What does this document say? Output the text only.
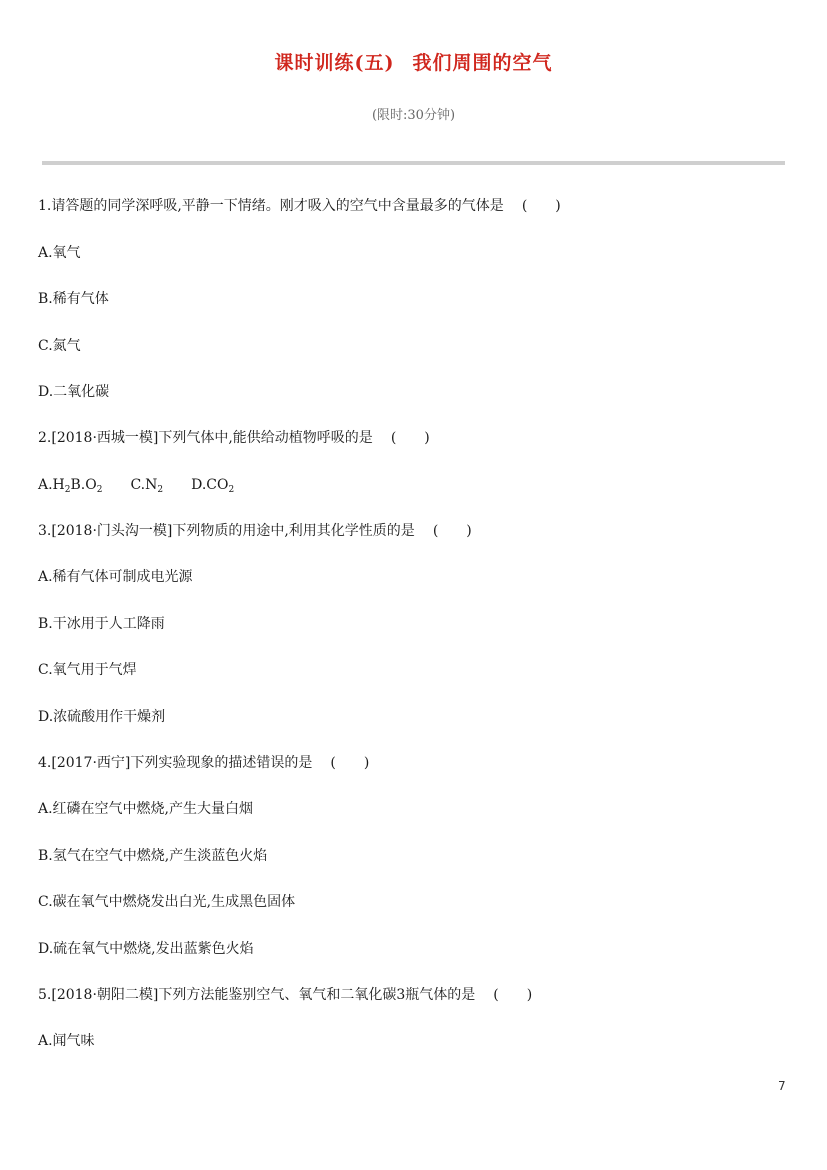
课时训练(五) 我们周围的空气
(限时:30分钟)
1.请答题的同学深呼吸,平静一下情绪。刚才吸入的空气中含量最多的气体是 (　　)
A.氧气
B.稀有气体
C.氮气
D.二氧化碳
2.[2018·西城一模]下列气体中,能供给动植物呼吸的是 (　　)
$A.H_2B.O_2$ $C.N_2$ $D.CO_2$
3.[2018·门头沟一模]下列物质的用途中,利用其化学性质的是 (　　)
A.稀有气体可制成电光源
B.干冰用于人工降雨
C.氧气用于气焊
D.浓硫酸用作干燥剂
4.[2017·西宁]下列实验现象的描述错误的是 (　　)
A.红磷在空气中燃烧,产生大量白烟
B.氢气在空气中燃烧,产生淡蓝色火焰
C.碳在氧气中燃烧发出白光,生成黑色固体
D.硫在氧气中燃烧,发出蓝紫色火焰
5.[2018·朝阳二模]下列方法能鉴别空气、氧气和二氧化碳3瓶气体的是 (　　)
A.闻气味
7
